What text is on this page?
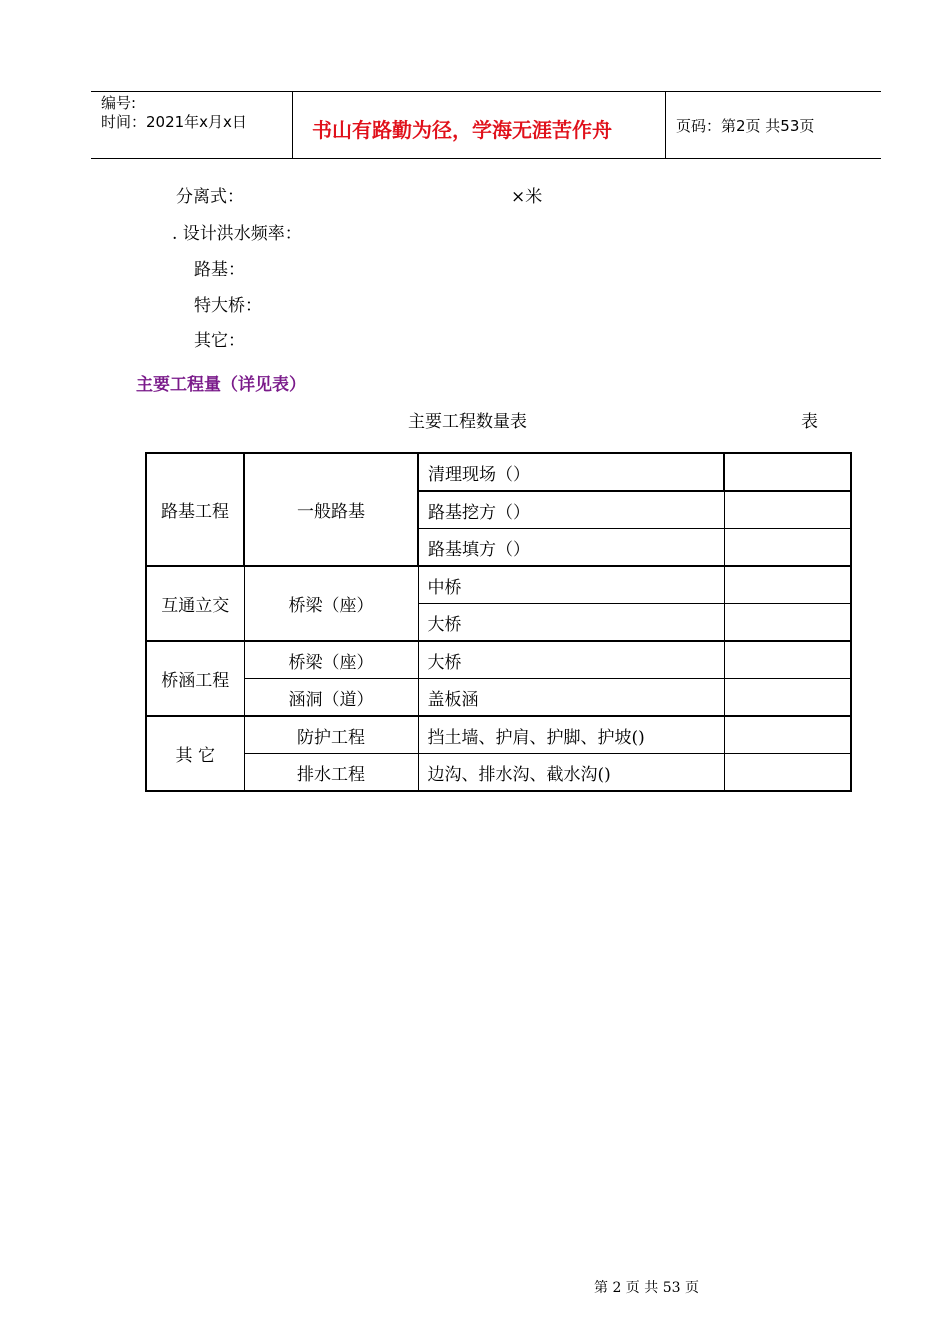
编号:
时间：2021年x月x日	书山有路勤为径，学海无涯苦作舟	页码：第2页 共53页
分离式：	×米
. 设计洪水频率：
路基：
特大桥：
其它：
主要工程量（详见表）
主要工程数量表	表
路基工程	一般路基	清理现场（）	
		路基挖方（）	
		路基填方（）	
互通立交	桥梁（座）	中桥	
		大桥	
桥涵工程	桥梁（座）	大桥	
	涵洞（道）	盖板涵	
其 它	防护工程	挡土墙、护肩、护脚、护坡()	
	排水工程	边沟、排水沟、截水沟()	
第 2 页 共 53 页
